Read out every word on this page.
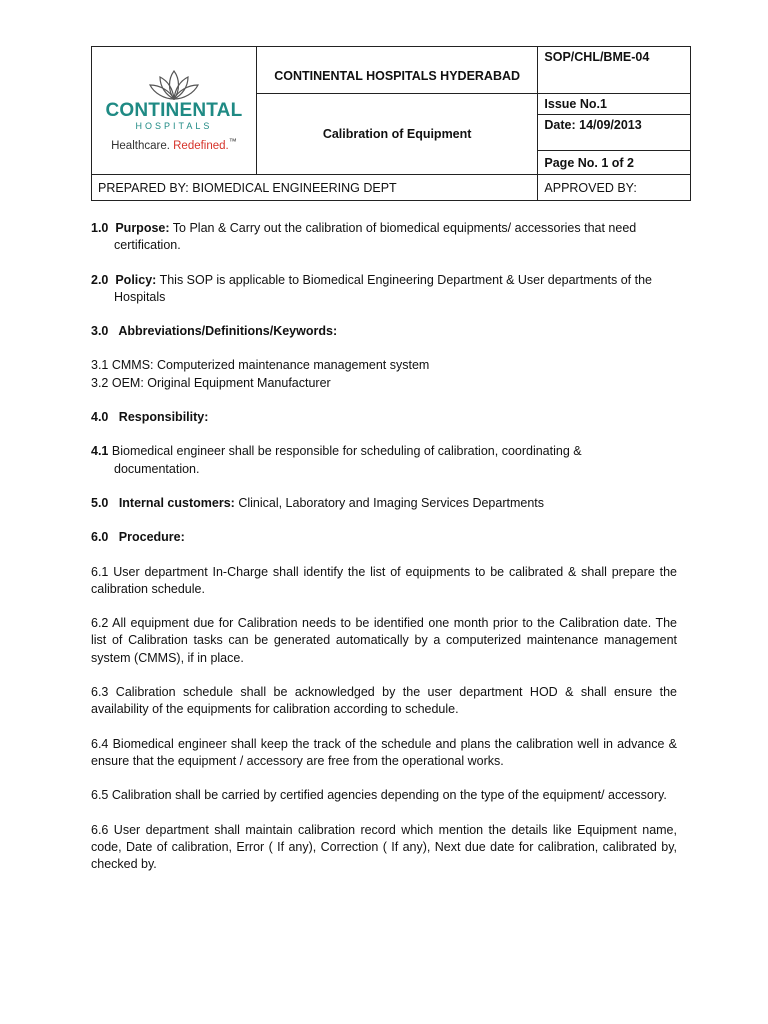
CONTINENTAL
HOSPITALS
Healthcare. Redefined.™	CONTINENTAL HOSPITALS HYDERABAD	SOP/CHL/BME-04
	Calibration of Equipment	Issue No.1
		Date: 14/09/2013
		Page No. 1 of 2
PREPARED BY: BIOMEDICAL ENGINEERING DEPT		APPROVED BY:

1.0 Purpose: To Plan & Carry out the calibration of biomedical equipments/ accessories that need

certification.

2.0 Policy: This SOP is applicable to Biomedical Engineering Department & User departments of the

Hospitals

3.0   Abbreviations/Definitions/Keywords:

3.1 CMMS: Computerized maintenance management system

3.2 OEM: Original Equipment Manufacturer

4.0   Responsibility:

4.1 Biomedical engineer shall be responsible for scheduling of calibration, coordinating &

documentation.

5.0 Internal customers: Clinical, Laboratory and Imaging Services Departments

6.0   Procedure:

6.1 User department In-Charge shall identify the list of equipments to be calibrated & shall prepare the calibration schedule.

6.2 All equipment due for Calibration needs to be identified one month prior to the Calibration date. The list of Calibration tasks can be generated automatically by a computerized maintenance management system (CMMS), if in place.

6.3 Calibration schedule shall be acknowledged by the user department HOD & shall ensure the availability of the equipments for calibration according to schedule.

6.4 Biomedical engineer shall keep the track of the schedule and plans the calibration well in advance & ensure that the equipment / accessory are free from the operational works.

6.5 Calibration shall be carried by certified agencies depending on the type of the equipment/ accessory.

6.6 User department shall maintain calibration record which mention the details like Equipment name, code, Date of calibration, Error ( If any), Correction ( If any), Next due date for calibration, calibrated by, checked by.
